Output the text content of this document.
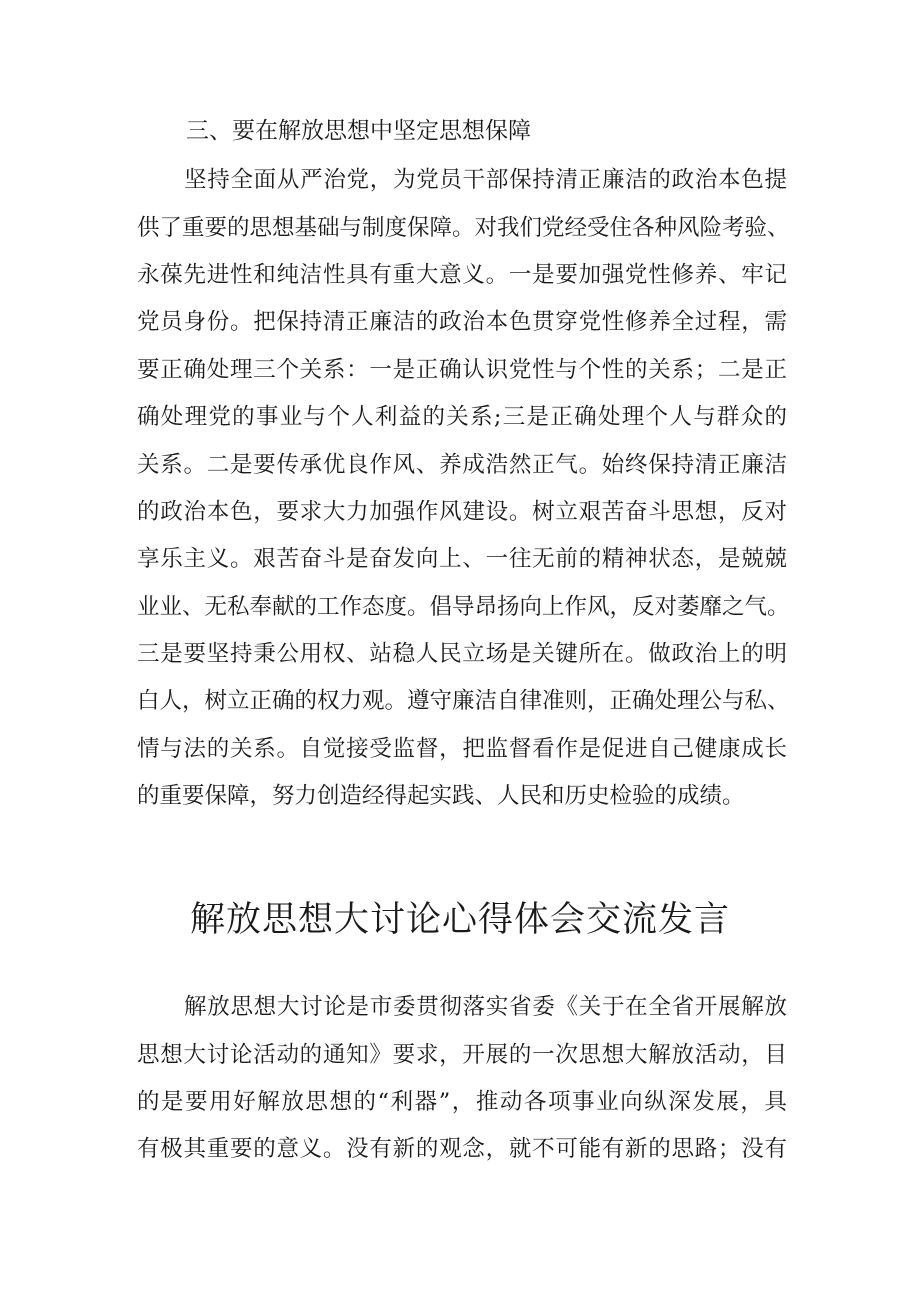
三、要在解放思想中坚定思想保障
坚持全面从严治党，为党员干部保持清正廉洁的政治本色提
供了重要的思想基础与制度保障。对我们党经受住各种风险考验、
永葆先进性和纯洁性具有重大意义。一是要加强党性修养、牢记
党员身份。把保持清正廉洁的政治本色贯穿党性修养全过程，需
要正确处理三个关系：一是正确认识党性与个性的关系；二是正
确处理党的事业与个人利益的关系;三是正确处理个人与群众的
关系。二是要传承优良作风、养成浩然正气。始终保持清正廉洁
的政治本色，要求大力加强作风建设。树立艰苦奋斗思想，反对
享乐主义。艰苦奋斗是奋发向上、一往无前的精神状态，是兢兢
业业、无私奉献的工作态度。倡导昂扬向上作风，反对萎靡之气。
三是要坚持秉公用权、站稳人民立场是关键所在。做政治上的明
白人，树立正确的权力观。遵守廉洁自律准则，正确处理公与私、
情与法的关系。自觉接受监督，把监督看作是促进自己健康成长
的重要保障，努力创造经得起实践、人民和历史检验的成绩。
解放思想大讨论心得体会交流发言
解放思想大讨论是市委贯彻落实省委《关于在全省开展解放
思想大讨论活动的通知》要求，开展的一次思想大解放活动，目
的是要用好解放思想的“利器”，推动各项事业向纵深发展，具
有极其重要的意义。没有新的观念，就不可能有新的思路；没有
